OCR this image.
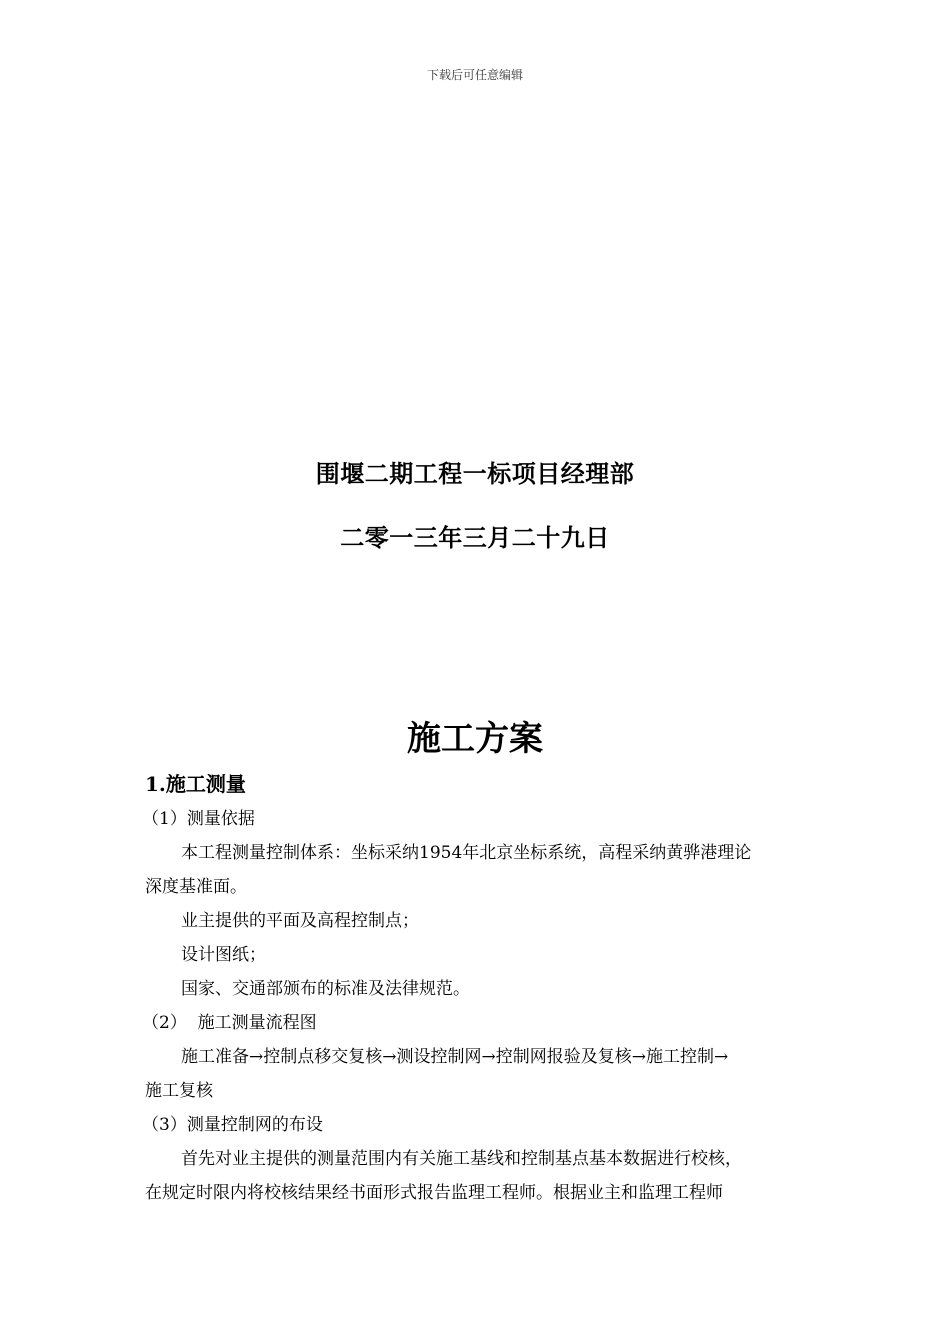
下载后可任意编辑
围堰二期工程一标项目经理部
二零一三年三月二十九日
施工方案
1.施工测量

（1）测量依据

本工程测量控制体系：坐标采纳1954年北京坐标系统，高程采纳黄骅港理论

深度基准面。

业主提供的平面及高程控制点；

设计图纸；

国家、交通部颁布的标准及法律规范。

（2）  施工测量流程图

施工准备→控制点移交复核→测设控制网→控制网报验及复核→施工控制→

施工复核

（3）测量控制网的布设

首先对业主提供的测量范围内有关施工基线和控制基点基本数据进行校核，

在规定时限内将校核结果经书面形式报告监理工程师。根据业主和监理工程师
